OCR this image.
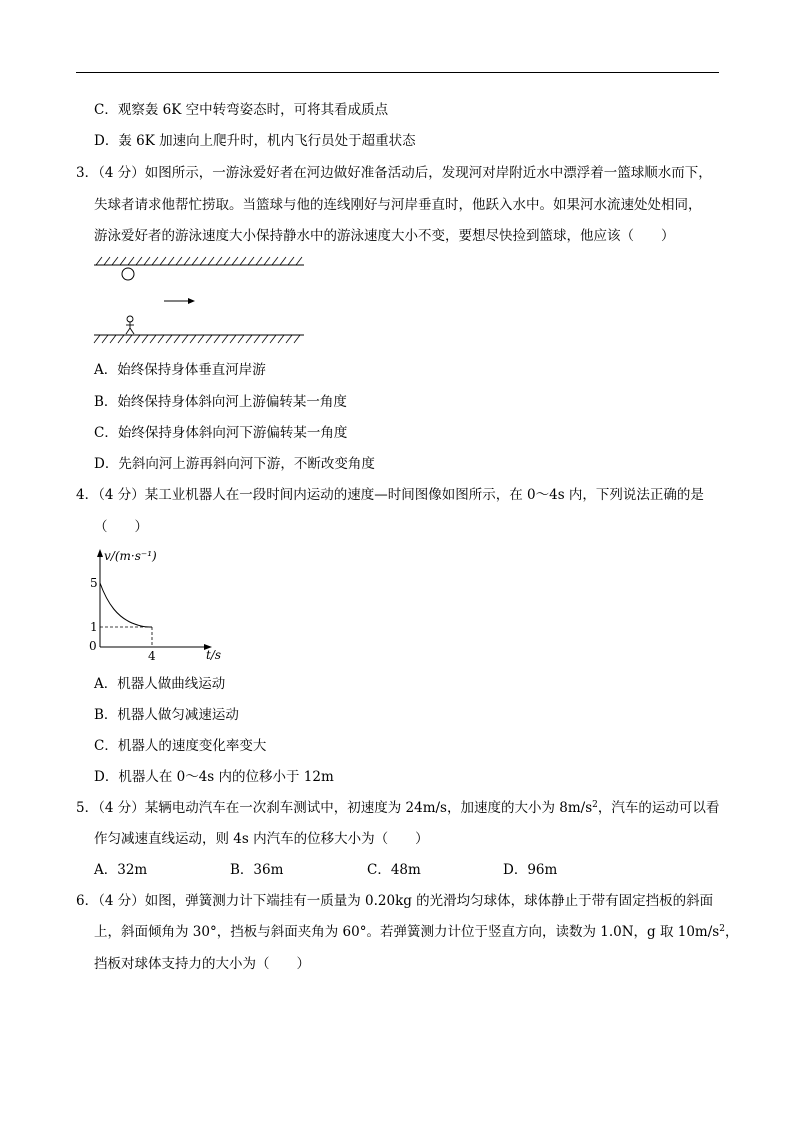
C．观察轰 6K 空中转弯姿态时，可将其看成质点
D．轰 6K 加速向上爬升时，机内飞行员处于超重状态
3．（4 分）如图所示，一游泳爱好者在河边做好准备活动后，发现河对岸附近水中漂浮着一篮球顺水而下，
失球者请求他帮忙捞取。当篮球与他的连线刚好与河岸垂直时，他跃入水中。如果河水流速处处相同，
游泳爱好者的游泳速度大小保持静水中的游泳速度大小不变，要想尽快捡到篮球，他应该（　　）
A．始终保持身体垂直河岸游
B．始终保持身体斜向河上游偏转某一角度
C．始终保持身体斜向河下游偏转某一角度
D．先斜向河上游再斜向河下游，不断改变角度
4．（4 分）某工业机器人在一段时间内运动的速度—时间图像如图所示，在 0～4s 内，下列说法正确的是
（　　）
v/(m·s⁻¹)
5
1
0
4	t/s
A．机器人做曲线运动
B．机器人做匀减速运动
C．机器人的速度变化率变大
D．机器人在 0～4s 内的位移小于 12m
5．（4 分）某辆电动汽车在一次刹车测试中，初速度为 24m/s，加速度的大小为 $8m/s^2$，汽车的运动可以看
作匀减速直线运动，则 4s 内汽车的位移大小为（　　）
A．32m	B．36m	C．48m	D．96m
6．（4 分）如图，弹簧测力计下端挂有一质量为 0.20kg 的光滑均匀球体，球体静止于带有固定挡板的斜面
上，斜面倾角为 30°，挡板与斜面夹角为 60°。若弹簧测力计位于竖直方向，读数为 1.0N，g 取 $10m/s^2$，
挡板对球体支持力的大小为（　　）
